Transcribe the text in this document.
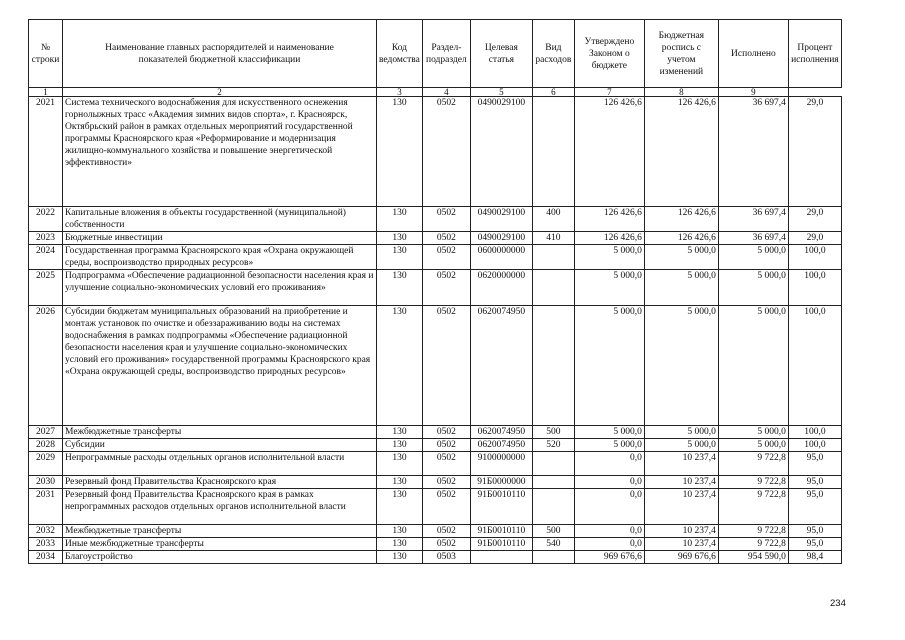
№ строки	Наименование главных распорядителей и наименование показателей бюджетной классификации	Код ведомства	Раздел-подраздел	Целевая статья	Вид расходов	Утверждено Законом о бюджете	Бюджетная роспись с учетом изменений	Исполнено	Процент исполнения

1	2	3	4	5	6	7	8	9	
2021	Система технического водоснабжения для искусственного оснежения горнолыжных трасс «Академия зимних видов спорта», г. Красноярск, Октябрьский район в рамках отдельных мероприятий государственной программы Красноярского края «Реформирование и модернизация жилищно-коммунального хозяйства и повышение энергетической эффективности»	130	0502	0490029100		126 426,6	126 426,6	36 697,4	29,0
2022	Капитальные вложения в объекты государственной (муниципальной) собственности	130	0502	0490029100	400	126 426,6	126 426,6	36 697,4	29,0
2023	Бюджетные инвестиции	130	0502	0490029100	410	126 426,6	126 426,6	36 697,4	29,0
2024	Государственная программа Красноярского края «Охрана окружающей среды, воспроизводство природных ресурсов»	130	0502	0600000000		5 000,0	5 000,0	5 000,0	100,0
2025	Подпрограмма «Обеспечение радиационной безопасности населения края и улучшение социально-экономических условий его проживания»	130	0502	0620000000		5 000,0	5 000,0	5 000,0	100,0
2026	Субсидии бюджетам муниципальных образований на приобретение и монтаж установок по очистке и обеззараживанию воды на системах водоснабжения в рамках подпрограммы «Обеспечение радиационной безопасности населения края и улучшение социально-экономических условий его проживания» государственной программы Красноярского края «Охрана окружающей среды, воспроизводство природных ресурсов»	130	0502	0620074950		5 000,0	5 000,0	5 000,0	100,0
2027	Межбюджетные трансферты	130	0502	0620074950	500	5 000,0	5 000,0	5 000,0	100,0
2028	Субсидии	130	0502	0620074950	520	5 000,0	5 000,0	5 000,0	100,0
2029	Непрограммные расходы отдельных органов исполнительной власти	130	0502	9100000000		0,0	10 237,4	9 722,8	95,0
2030	Резервный фонд Правительства Красноярского края	130	0502	91Б0000000		0,0	10 237,4	9 722,8	95,0
2031	Резервный фонд Правительства Красноярского края в рамках непрограммных расходов отдельных органов исполнительной власти	130	0502	91Б0010110		0,0	10 237,4	9 722,8	95,0
2032	Межбюджетные трансферты	130	0502	91Б0010110	500	0,0	10 237,4	9 722,8	95,0
2033	Иные межбюджетные трансферты	130	0502	91Б0010110	540	0,0	10 237,4	9 722,8	95,0
2034	Благоустройство	130	0503			969 676,6	969 676,6	954 590,0	98,4
234
